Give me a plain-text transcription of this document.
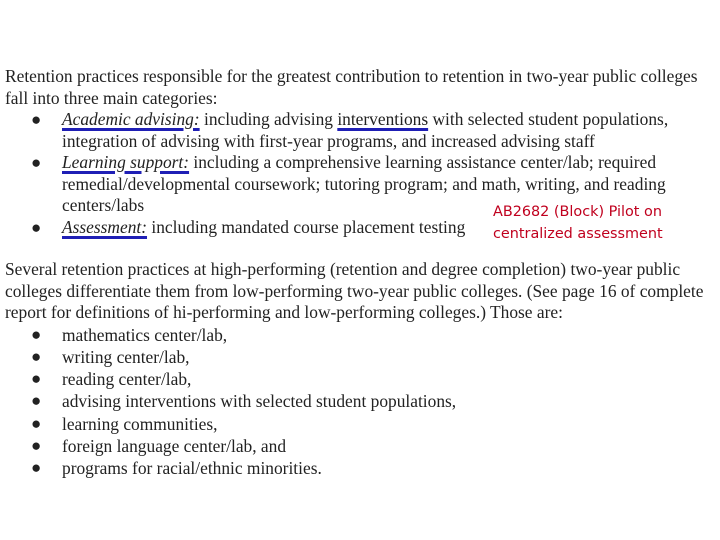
Retention practices responsible for the greatest contribution to retention in two-year public colleges fall into three main categories:

● Academic advising: including advising interventions with selected student populations, integration of advising with first-year programs, and increased advising staff
● Learning support: including a comprehensive learning assistance center/lab; required remedial/developmental coursework; tutoring program; and math, writing, and reading centers/labs
● Assessment: including mandated course placement testing
AB2682 (Block) Pilot on centralized assessment

Several retention practices at high-performing (retention and degree completion) two-year public colleges differentiate them from low-performing two-year public colleges. (See page 16 of complete report for definitions of hi-performing and low-performing colleges.) Those are:

● mathematics center/lab,
● writing center/lab,
● reading center/lab,
● advising interventions with selected student populations,
● learning communities,
● foreign language center/lab, and
● programs for racial/ethnic minorities.
